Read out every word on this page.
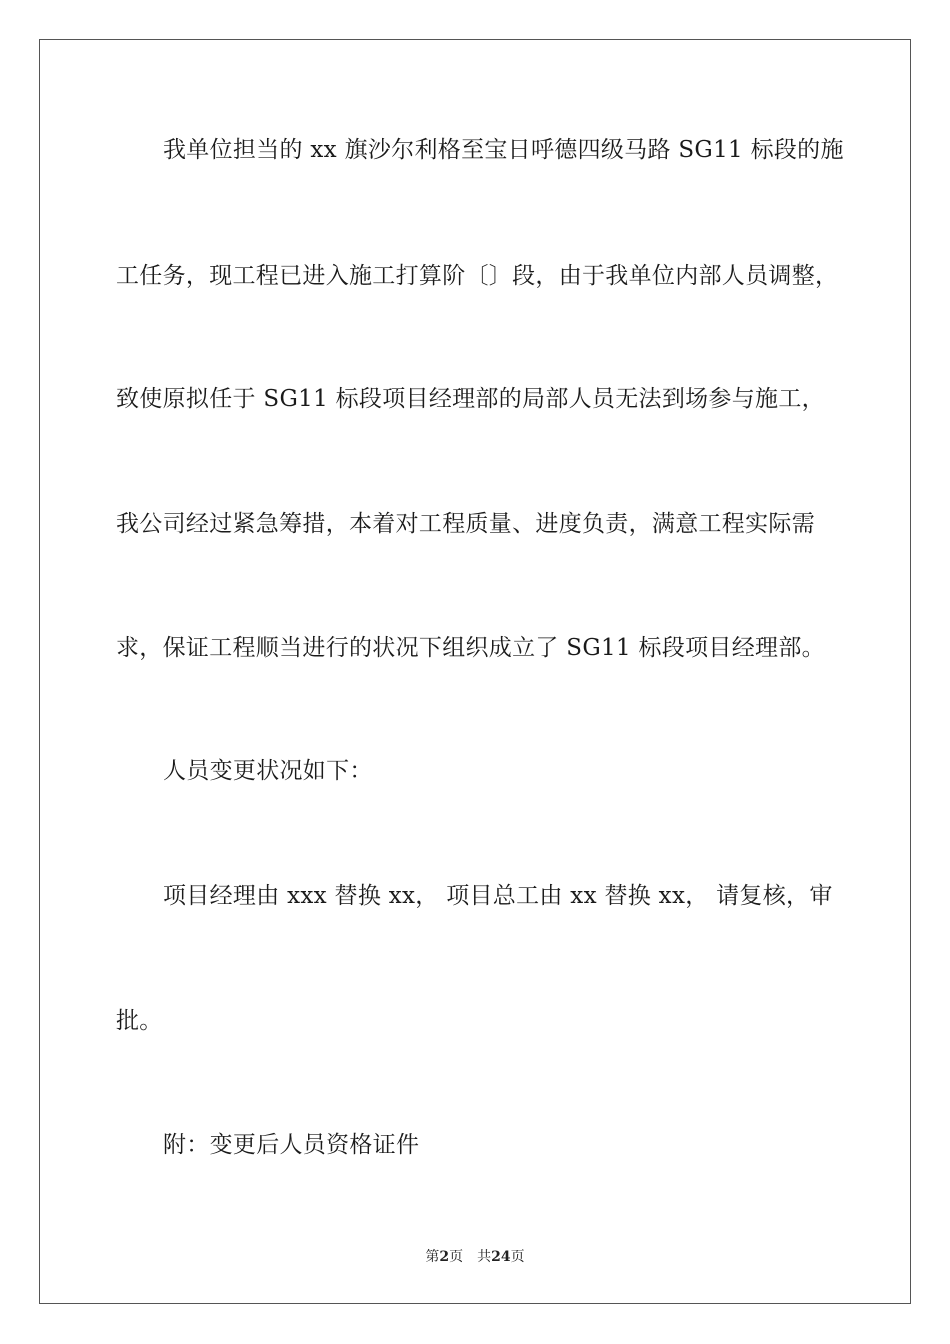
我单位担当的 xx 旗沙尔利格至宝日呼德四级马路 SG11 标段的施
工任务，现工程已进入施工打算阶〔〕段，由于我单位内部人员调整，
致使原拟任于 SG11 标段项目经理部的局部人员无法到场参与施工，
我公司经过紧急筹措，本着对工程质量、进度负责，满意工程实际需
求，保证工程顺当进行的状况下组织成立了 SG11 标段项目经理部。
人员变更状况如下：
项目经理由 xxx 替换 xx， 项目总工由 xx 替换 xx， 请复核，审
批。
附：变更后人员资格证件
第2页 共24页
